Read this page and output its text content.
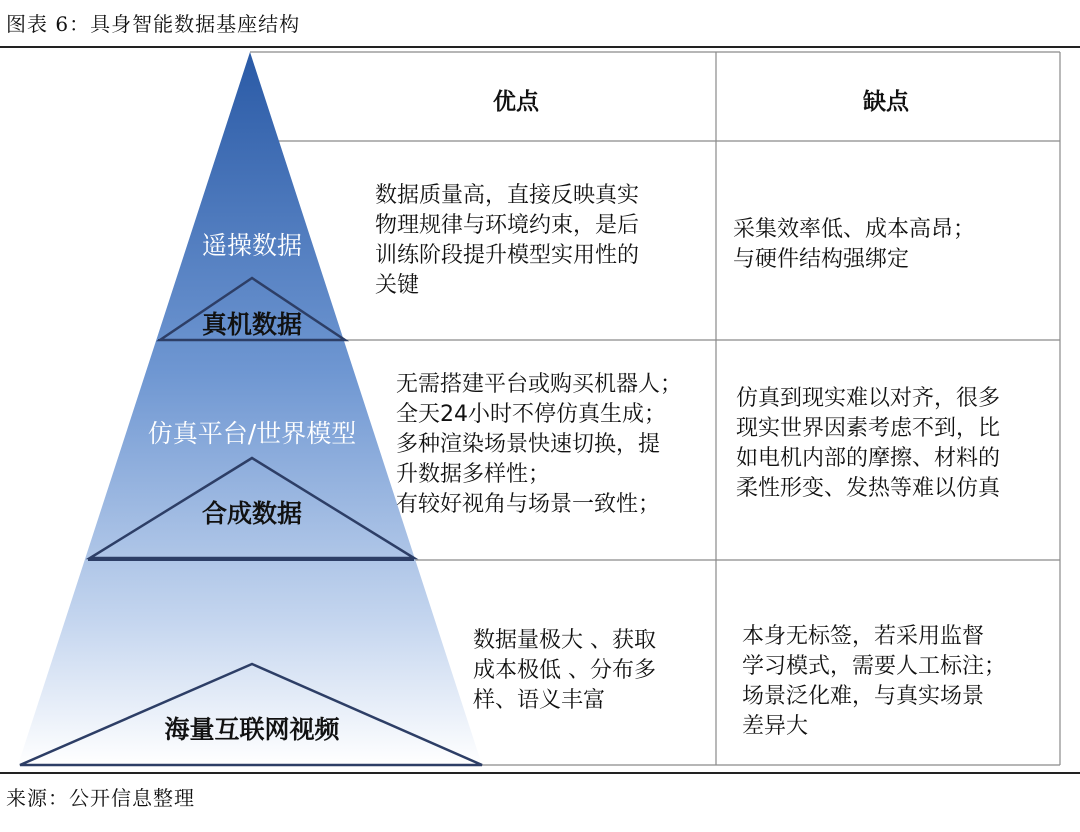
图表 6：具身智能数据基座结构
优点	缺点
遥操数据
真机数据
数据质量高，直接反映真实
物理规律与环境约束，是后
训练阶段提升模型实用性的
关键
采集效率低、成本高昂；
与硬件结构强绑定
仿真平台/世界模型
合成数据
无需搭建平台或购买机器人；
全天24小时不停仿真生成；
多种渲染场景快速切换，提
升数据多样性；
有较好视角与场景一致性；
仿真到现实难以对齐，很多
现实世界因素考虑不到，比
如电机内部的摩擦、材料的
柔性形变、发热等难以仿真
海量互联网视频
数据量极大 、获取
成本极低 、分布多
样、语义丰富
本身无标签，若采用监督
学习模式，需要人工标注；
场景泛化难，与真实场景
差异大
来源：公开信息整理
